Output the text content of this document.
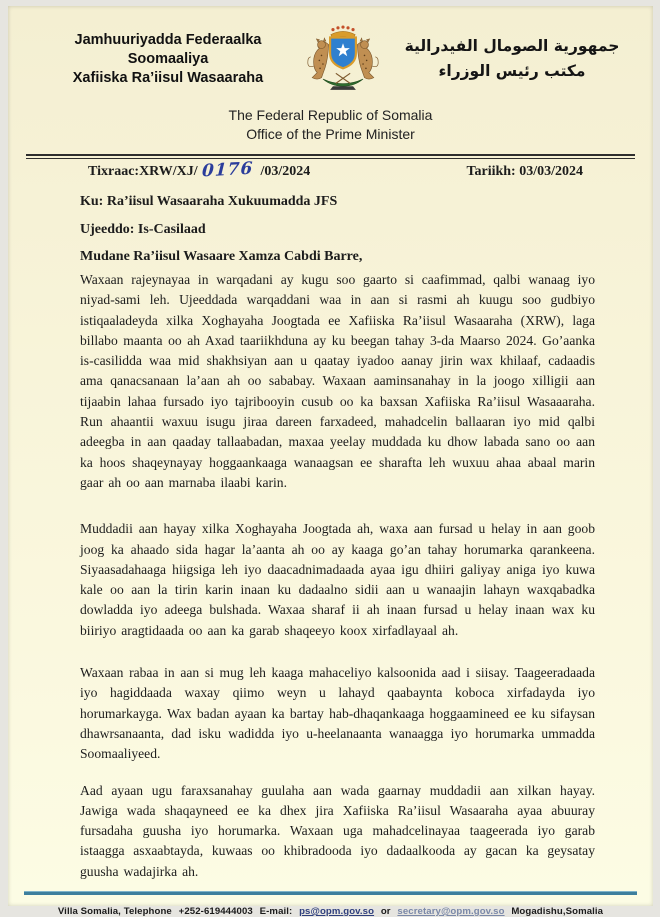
Jamhuuriyadda Federaalka Soomaaliya
Xafiiska Ra’iisul Wasaaraha
جمهورية الصومال الفيدرالية
مكتب رئيس الوزراء
The Federal Republic of Somalia
Office of the Prime Minister
Tixraac:XRW/XJ/ 0176 /03/2024	Tariikh: 03/03/2024
Ku: Ra’iisul Wasaaraha Xukuumadda JFS
Ujeeddo: Is-Casilaad
Mudane Ra’iisul Wasaare Xamza Cabdi Barre,

Waxaan rajeynayaa in warqadani ay kugu soo gaarto si caafimmad, qalbi wanaag iyo niyad-sami leh. Ujeeddada warqaddani waa in aan si rasmi ah kuugu soo gudbiyo istiqaaladeyda xilka Xoghayaha Joogtada ee Xafiiska Ra’iisul Wasaaraha (XRW), laga billabo maanta oo ah Axad taariikhduna ay ku beegan tahay 3-da Maarso 2024. Go’aanka is-casilidda waa mid shakhsiyan aan u qaatay iyadoo aanay jirin wax khilaaf, cadaadis ama qanacsanaan la’aan ah oo sababay. Waxaan aaminsanahay in la joogo xilligii aan tijaabin lahaa fursado iyo tajribooyin cusub oo ka baxsan Xafiiska Ra’iisul Wasaaaraha. Run ahaantii waxuu isugu jiraa dareen farxadeed, mahadcelin ballaaran iyo mid qalbi adeegba in aan qaaday tallaabadan, maxaa yeelay muddada ku dhow labada sano oo aan ka hoos shaqeynayay hoggaankaaga wanaagsan ee sharafta leh wuxuu ahaa abaal marin gaar ah oo aan marnaba ilaabi karin.

Muddadii aan hayay xilka Xoghayaha Joogtada ah, waxa aan fursad u helay in aan goob joog ka ahaado sida hagar la’aanta ah oo ay kaaga go’an tahay horumarka qarankeena. Siyaasadahaaga hiigsiga leh iyo daacadnimadaada ayaa igu dhiiri galiyay aniga iyo kuwa kale oo aan la tirin karin inaan ku dadaalno sidii aan u wanaajin lahayn waxqabadka dowladda iyo adeega bulshada. Waxaa sharaf ii ah inaan fursad u helay inaan wax ku biiriyo aragtidaada oo aan ka garab shaqeeyo koox xirfadlayaal ah.

Waxaan rabaa in aan si mug leh kaaga mahaceliyo kalsoonida aad i siisay. Taageeradaada iyo hagiddaada waxay qiimo weyn u lahayd qaabaynta koboca xirfadayda iyo horumarkayga. Wax badan ayaan ka bartay hab-dhaqankaaga hoggaamineed ee ku sifaysan dhawrsanaanta, dad isku wadidda iyo u-heelanaanta wanaagga iyo horumarka ummadda Soomaaliyeed.

Aad ayaan ugu faraxsanahay guulaha aan wada gaarnay muddadii aan xilkan hayay. Jawiga wada shaqayneed ee ka dhex jira Xafiiska Ra’iisul Wasaaraha ayaa abuuray fursadaha guusha iyo horumarka. Waxaan uga mahadcelinayaa taageerada iyo garab istaagga asxaabtayda, kuwaas oo khibradooda iyo dadaalkooda ay gacan ka geysatay guusha wadajirka ah.

Villa Somalia, Telephone +252-619444003 E-mail: ps@opm.gov.so or secretary@opm.gov.so Mogadishu,Somalia
